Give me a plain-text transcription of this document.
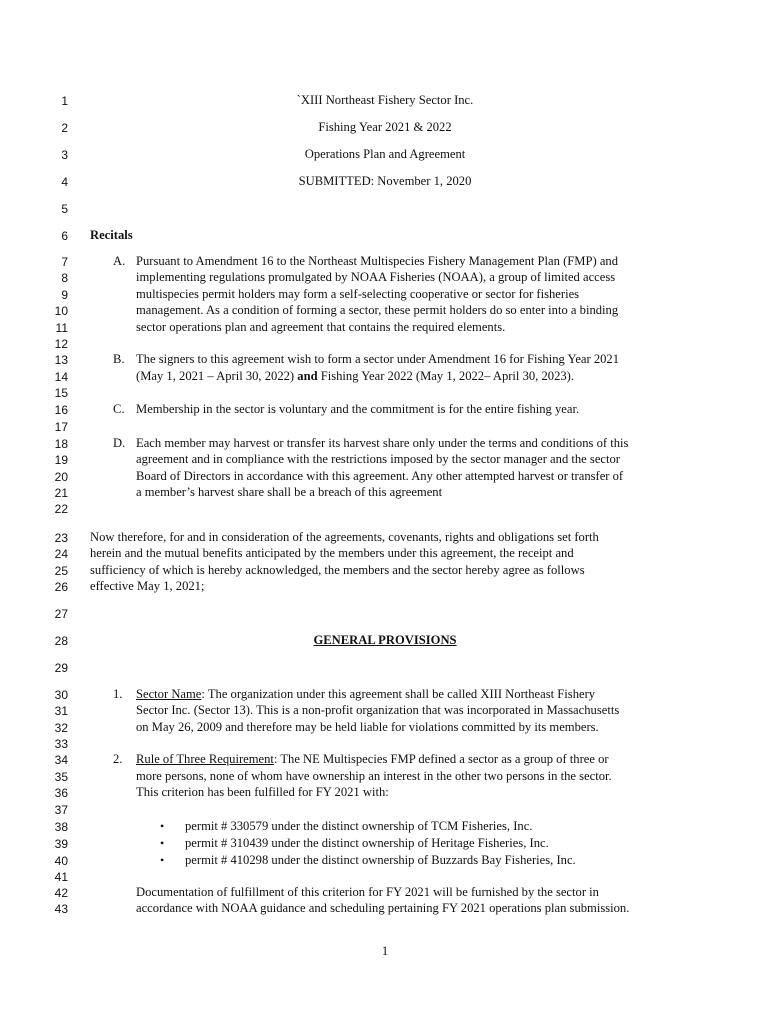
1
2
3
4
5
6
7
8
9
10
11
12
13
14
15
16
17
18
19
20
21
22
23
24
25
26
27
28
29
30
31
32
33
34
35
36
37
38
39
40
41
42
43
`XIII Northeast Fishery Sector Inc.
Fishing Year 2021 & 2022
Operations Plan and Agreement
SUBMITTED: November 1, 2020
Recitals
A. Pursuant to Amendment 16 to the Northeast Multispecies Fishery Management Plan (FMP) and
implementing regulations promulgated by NOAA Fisheries (NOAA), a group of limited access
multispecies permit holders may form a self-selecting cooperative or sector for fisheries
management. As a condition of forming a sector, these permit holders do so enter into a binding
sector operations plan and agreement that contains the required elements.
B. The signers to this agreement wish to form a sector under Amendment 16 for Fishing Year 2021
(May 1, 2021 – April 30, 2022) and Fishing Year 2022 (May 1, 2022– April 30, 2023).
C. Membership in the sector is voluntary and the commitment is for the entire fishing year.
D. Each member may harvest or transfer its harvest share only under the terms and conditions of this
agreement and in compliance with the restrictions imposed by the sector manager and the sector
Board of Directors in accordance with this agreement. Any other attempted harvest or transfer of
a member’s harvest share shall be a breach of this agreement
Now therefore, for and in consideration of the agreements, covenants, rights and obligations set forth
herein and the mutual benefits anticipated by the members under this agreement, the receipt and
sufficiency of which is hereby acknowledged, the members and the sector hereby agree as follows
effective May 1, 2021;
GENERAL PROVISIONS
1. Sector Name: The organization under this agreement shall be called XIII Northeast Fishery
Sector Inc. (Sector 13). This is a non-profit organization that was incorporated in Massachusetts
on May 26, 2009 and therefore may be held liable for violations committed by its members.
2. Rule of Three Requirement: The NE Multispecies FMP defined a sector as a group of three or
more persons, none of whom have ownership an interest in the other two persons in the sector.
This criterion has been fulfilled for FY 2021 with:
• permit # 330579 under the distinct ownership of TCM Fisheries, Inc.
• permit # 310439 under the distinct ownership of Heritage Fisheries, Inc.
• permit # 410298 under the distinct ownership of Buzzards Bay Fisheries, Inc.
Documentation of fulfillment of this criterion for FY 2021 will be furnished by the sector in
accordance with NOAA guidance and scheduling pertaining FY 2021 operations plan submission.
1
